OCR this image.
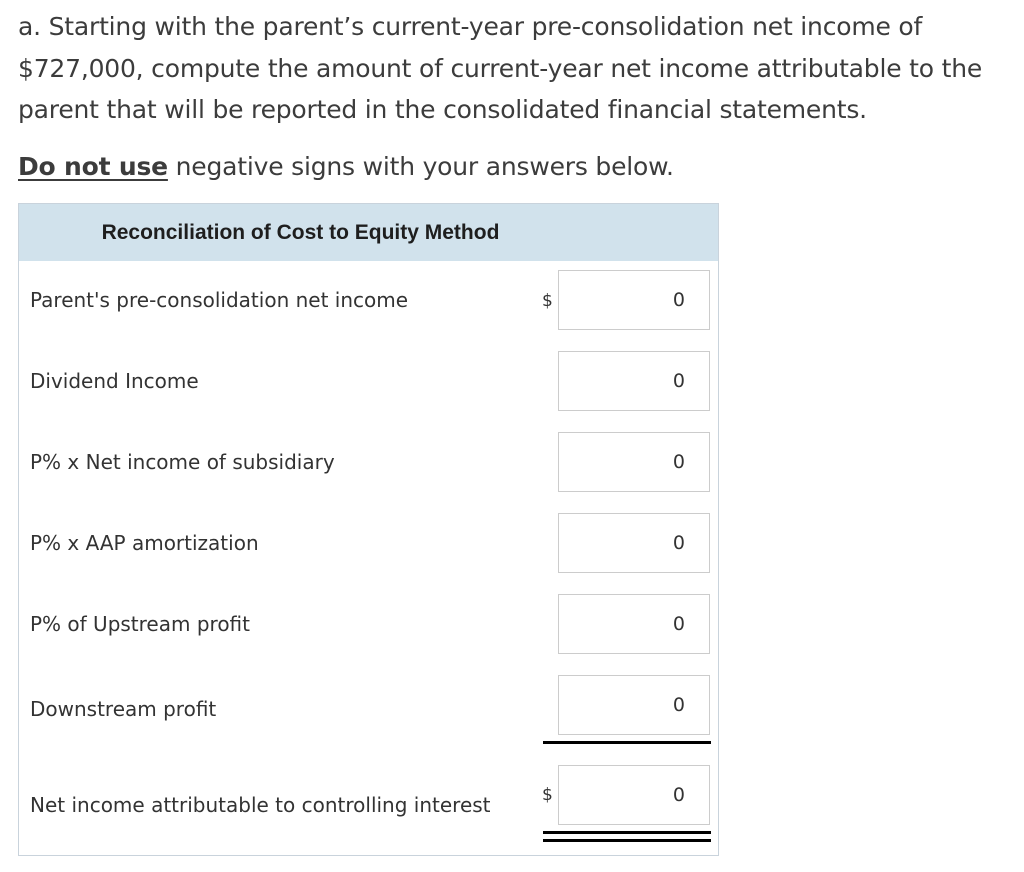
a. Starting with the parent’s current-year pre-consolidation net income of $727,000, compute the amount of current-year net income attributable to the parent that will be reported in the consolidated financial statements.
Do not use negative signs with your answers below.
Reconciliation of Cost to Equity Method
Parent's pre-consolidation net income	$
0
Dividend Income
0
P% x Net income of subsidiary
0
P% x AAP amortization
0
P% of Upstream profit
0
Downstream profit
0
Net income attributable to controlling interest	$
0
